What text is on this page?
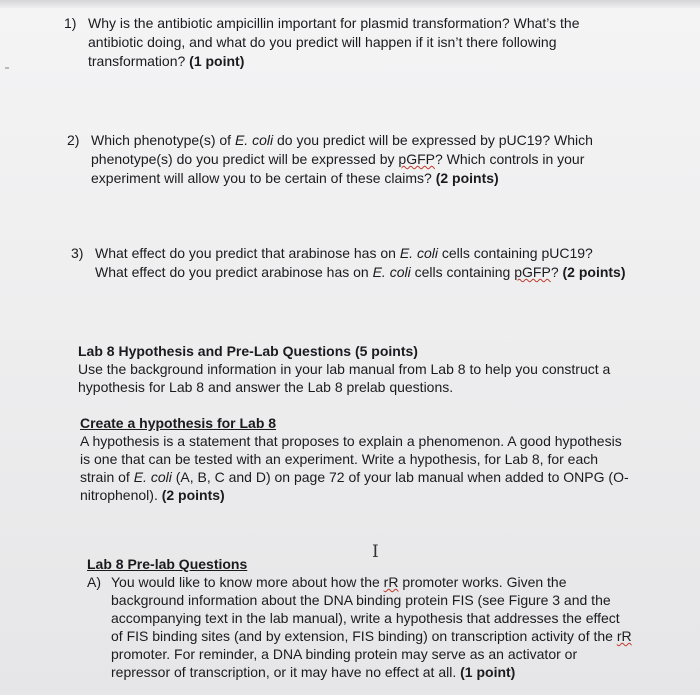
1) Why is the antibiotic ampicillin important for plasmid transformation? What’s the
antibiotic doing, and what do you predict will happen if it isn’t there following
transformation? (1 point)
2) Which phenotype(s) of E. coli do you predict will be expressed by pUC19? Which
phenotype(s) do you predict will be expressed by pGFP? Which controls in your
experiment will allow you to be certain of these claims? (2 points)
3) What effect do you predict that arabinose has on E. coli cells containing pUC19?
What effect do you predict arabinose has on E. coli cells containing pGFP? (2 points)
Lab 8 Hypothesis and Pre-Lab Questions (5 points)
Use the background information in your lab manual from Lab 8 to help you construct a
hypothesis for Lab 8 and answer the Lab 8 prelab questions.
Create a hypothesis for Lab 8
A hypothesis is a statement that proposes to explain a phenomenon. A good hypothesis
is one that can be tested with an experiment. Write a hypothesis, for Lab 8, for each
strain of E. coli (A, B, C and D) on page 72 of your lab manual when added to ONPG (O-
nitrophenol). (2 points)
I
Lab 8 Pre-lab Questions
A) You would like to know more about how the rR promoter works. Given the
background information about the DNA binding protein FIS (see Figure 3 and the
accompanying text in the lab manual), write a hypothesis that addresses the effect
of FIS binding sites (and by extension, FIS binding) on transcription activity of the rR
promoter. For reminder, a DNA binding protein may serve as an activator or
repressor of transcription, or it may have no effect at all. (1 point)
